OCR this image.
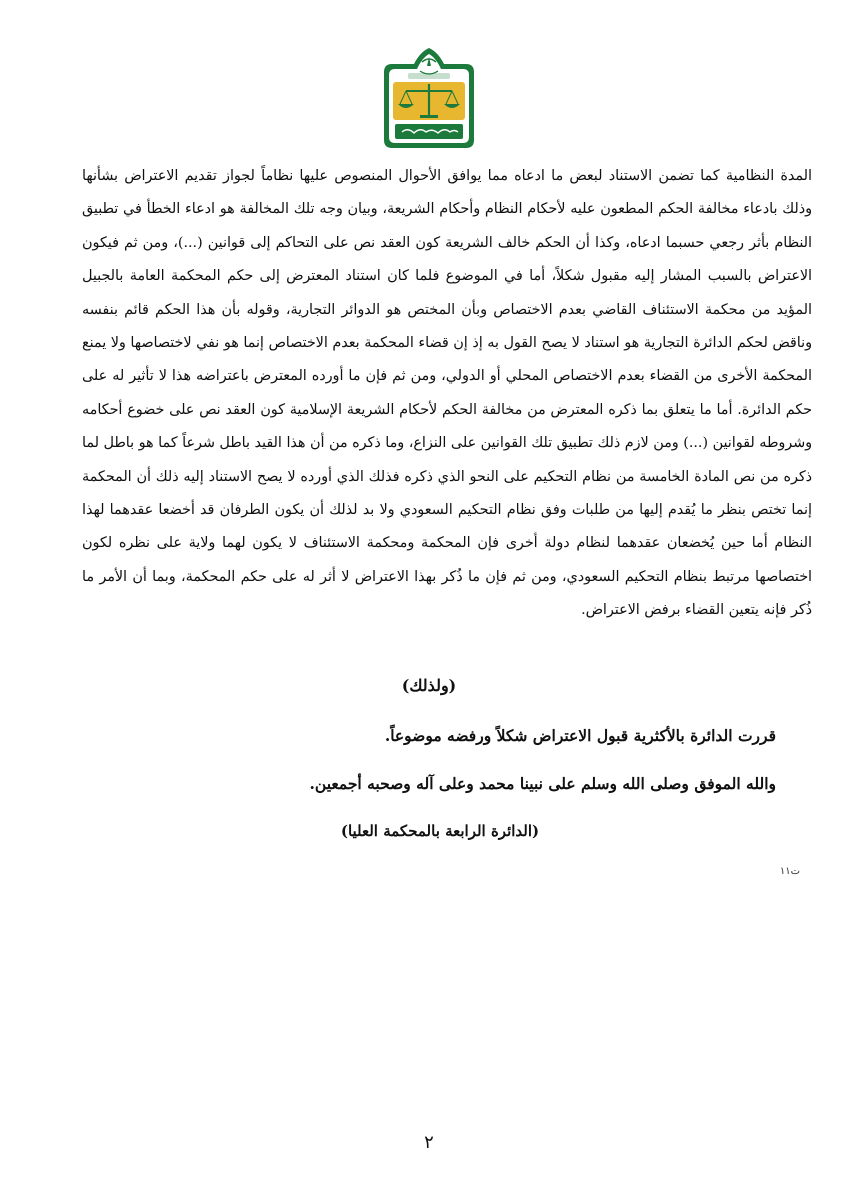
المدة النظامية كما تضمن الاستناد لبعض ما ادعاه مما يوافق الأحوال المنصوص عليها نظاماً لجواز تقديم الاعتراض بشأنها وذلك بادعاء مخالفة الحكم المطعون عليه لأحكام النظام وأحكام الشريعة، وبيان وجه تلك المخالفة هو ادعاء الخطأ في تطبيق النظام بأثر رجعي حسبما ادعاه، وكذا أن الحكم خالف الشريعة كون العقد نص على التحاكم إلى قوانين (...)، ومن ثم فيكون الاعتراض بالسبب المشار إليه مقبول شكلاً، أما في الموضوع فلما كان استناد المعترض إلى حكم المحكمة العامة بالجبيل المؤيد من محكمة الاستئناف القاضي بعدم الاختصاص وبأن المختص هو الدوائر التجارية، وقوله بأن هذا الحكم قائم بنفسه وناقض لحكم الدائرة التجارية هو استناد لا يصح القول به إذ إن قضاء المحكمة بعدم الاختصاص إنما هو نفي لاختصاصها ولا يمنع المحكمة الأخرى من القضاء بعدم الاختصاص المحلي أو الدولي، ومن ثم فإن ما أورده المعترض باعتراضه هذا لا تأثير له على حكم الدائرة. أما ما يتعلق بما ذكره المعترض من مخالفة الحكم لأحكام الشريعة الإسلامية كون العقد نص على خضوع أحكامه وشروطه لقوانين (...) ومن لازم ذلك تطبيق تلك القوانين على النزاع، وما ذكره من أن هذا القيد باطل شرعاً كما هو باطل لما ذكره من نص المادة الخامسة من نظام التحكيم على النحو الذي ذكره فذلك الذي أورده لا يصح الاستناد إليه ذلك أن المحكمة إنما تختص بنظر ما يُقدم إليها من طلبات وفق نظام التحكيم السعودي ولا بد لذلك أن يكون الطرفان قد أخضعا عقدهما لهذا النظام أما حين يُخضعان عقدهما لنظام دولة أخرى فإن المحكمة ومحكمة الاستئناف لا يكون لهما ولاية على نظره لكون اختصاصها مرتبط بنظام التحكيم السعودي، ومن ثم فإن ما ذُكر بهذا الاعتراض لا أثر له على حكم المحكمة، وبما أن الأمر ما ذُكر فإنه يتعين القضاء برفض الاعتراض.

(ولذلك)
قررت الدائرة بالأكثرية قبول الاعتراض شكلاً ورفضه موضوعاً.
والله الموفق وصلى الله وسلم على نبينا محمد وعلى آله وصحبه أجمعين.
(الدائرة الرابعة بالمحكمة العليا)
ت١١
٢
